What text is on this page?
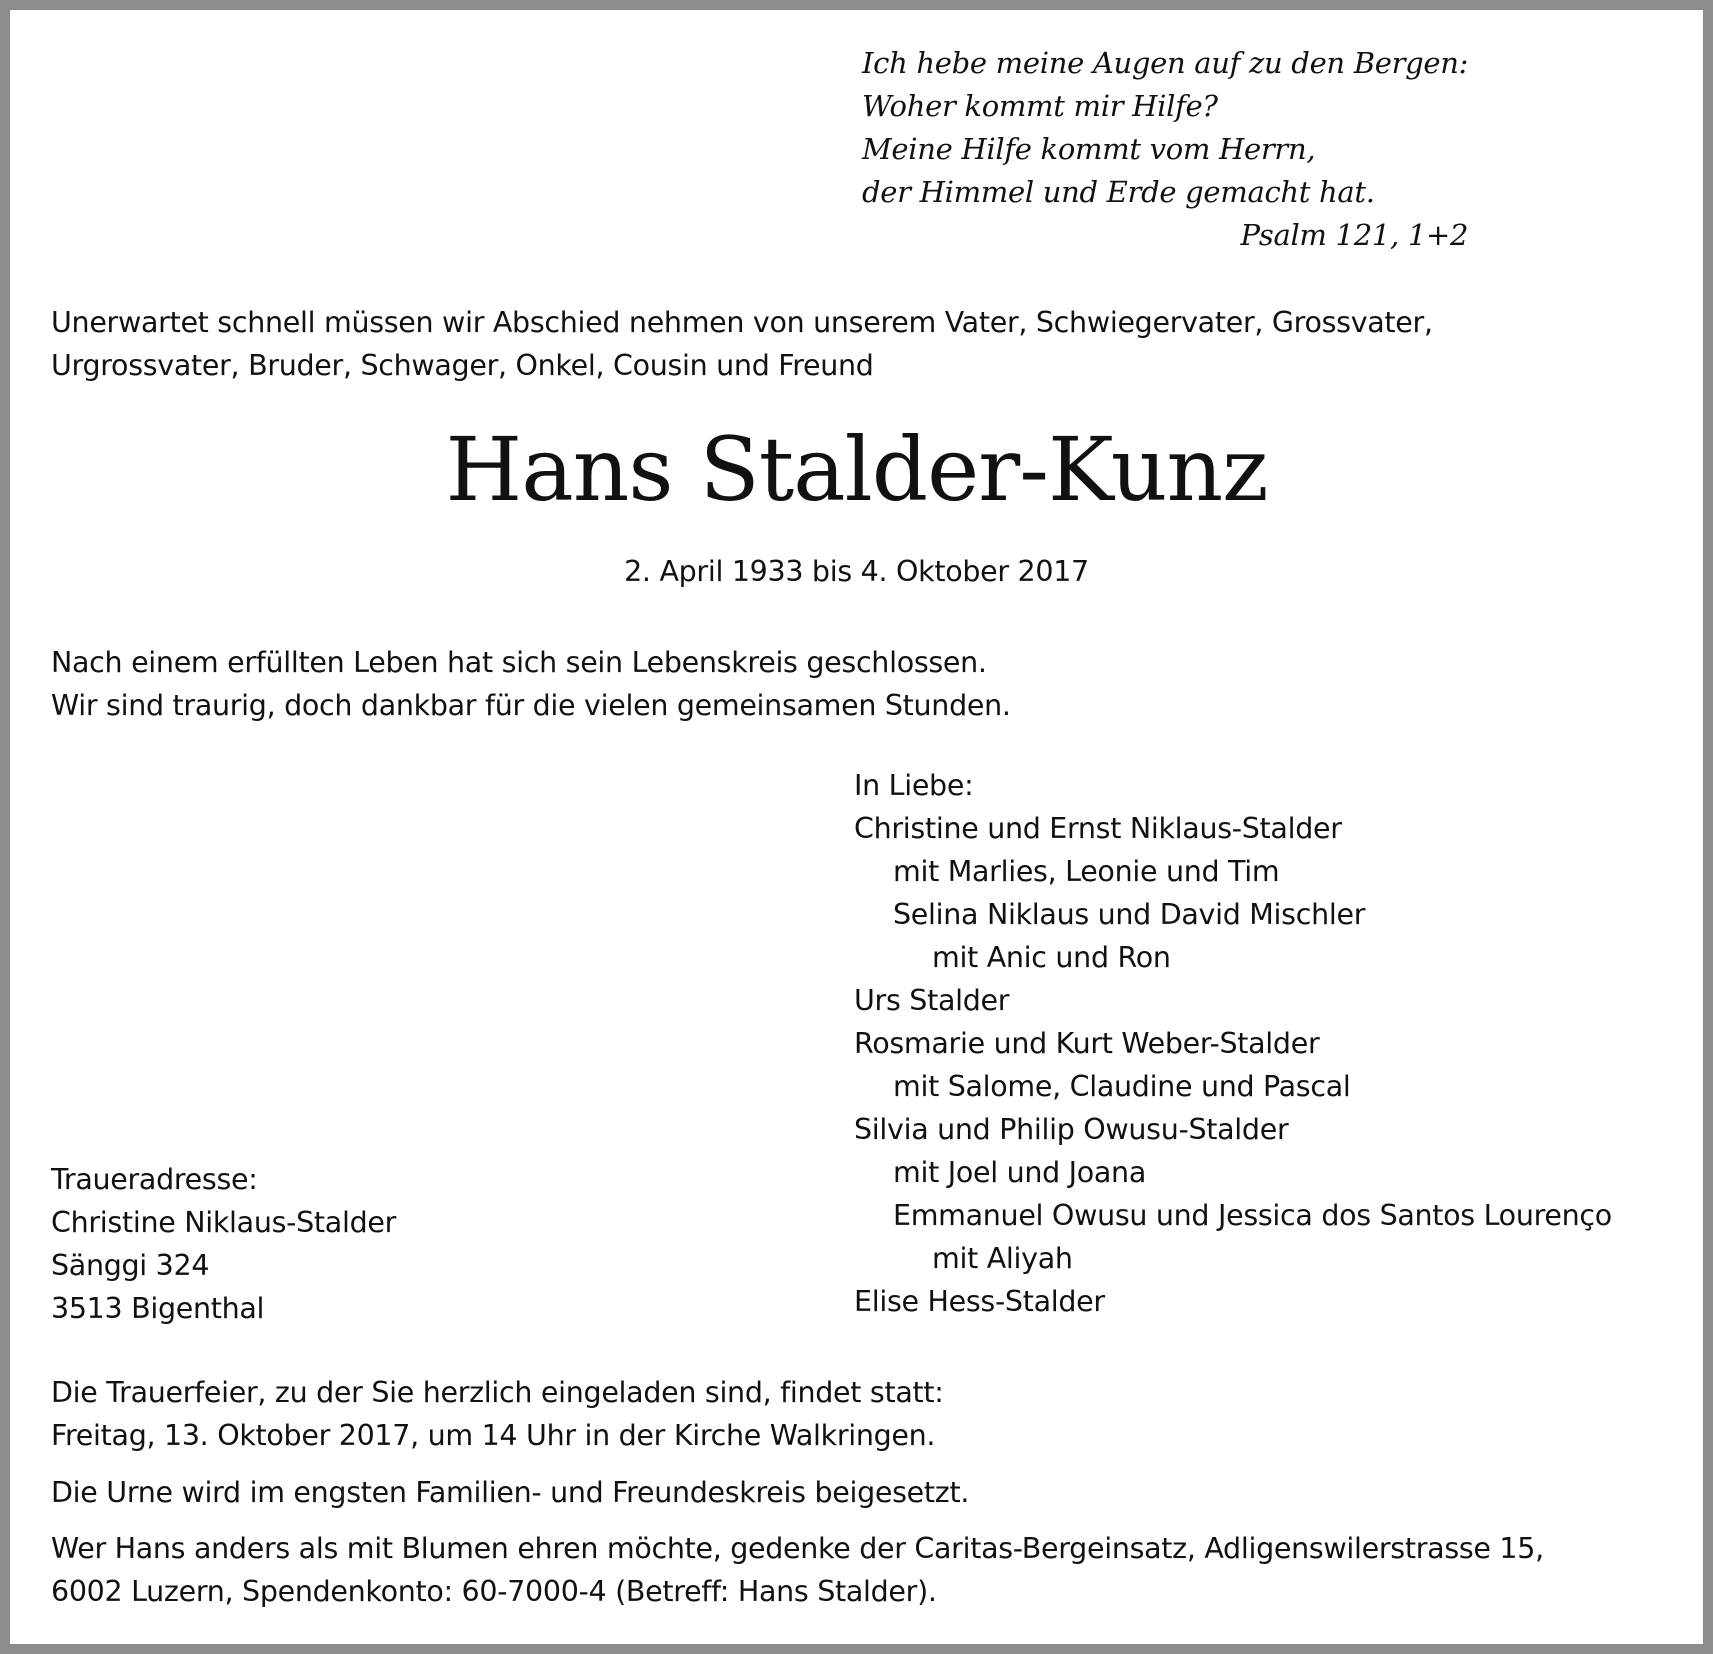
Ich hebe meine Augen auf zu den Bergen:
Woher kommt mir Hilfe?
Meine Hilfe kommt vom Herrn,
der Himmel und Erde gemacht hat.
Psalm 121, 1+2
Unerwartet schnell müssen wir Abschied nehmen von unserem Vater, Schwiegervater, Grossvater,
Urgrossvater, Bruder, Schwager, Onkel, Cousin und Freund
Hans Stalder-Kunz
2. April 1933 bis 4. Oktober 2017
Nach einem erfüllten Leben hat sich sein Lebenskreis geschlossen.
Wir sind traurig, doch dankbar für die vielen gemeinsamen Stunden.
In Liebe:
Christine und Ernst Niklaus-Stalder
mit Marlies, Leonie und Tim
Selina Niklaus und David Mischler
mit Anic und Ron
Urs Stalder
Rosmarie und Kurt Weber-Stalder
mit Salome, Claudine und Pascal
Silvia und Philip Owusu-Stalder
mit Joel und Joana
Emmanuel Owusu und Jessica dos Santos Lourenço
mit Aliyah
Elise Hess-Stalder
Traueradresse:
Christine Niklaus-Stalder
Sänggi 324
3513 Bigenthal
Die Trauerfeier, zu der Sie herzlich eingeladen sind, findet statt:
Freitag, 13. Oktober 2017, um 14 Uhr in der Kirche Walkringen.
Die Urne wird im engsten Familien- und Freundeskreis beigesetzt.
Wer Hans anders als mit Blumen ehren möchte, gedenke der Caritas-Bergeinsatz, Adligenswilerstrasse 15,
6002 Luzern, Spendenkonto: 60-7000-4 (Betreff: Hans Stalder).
